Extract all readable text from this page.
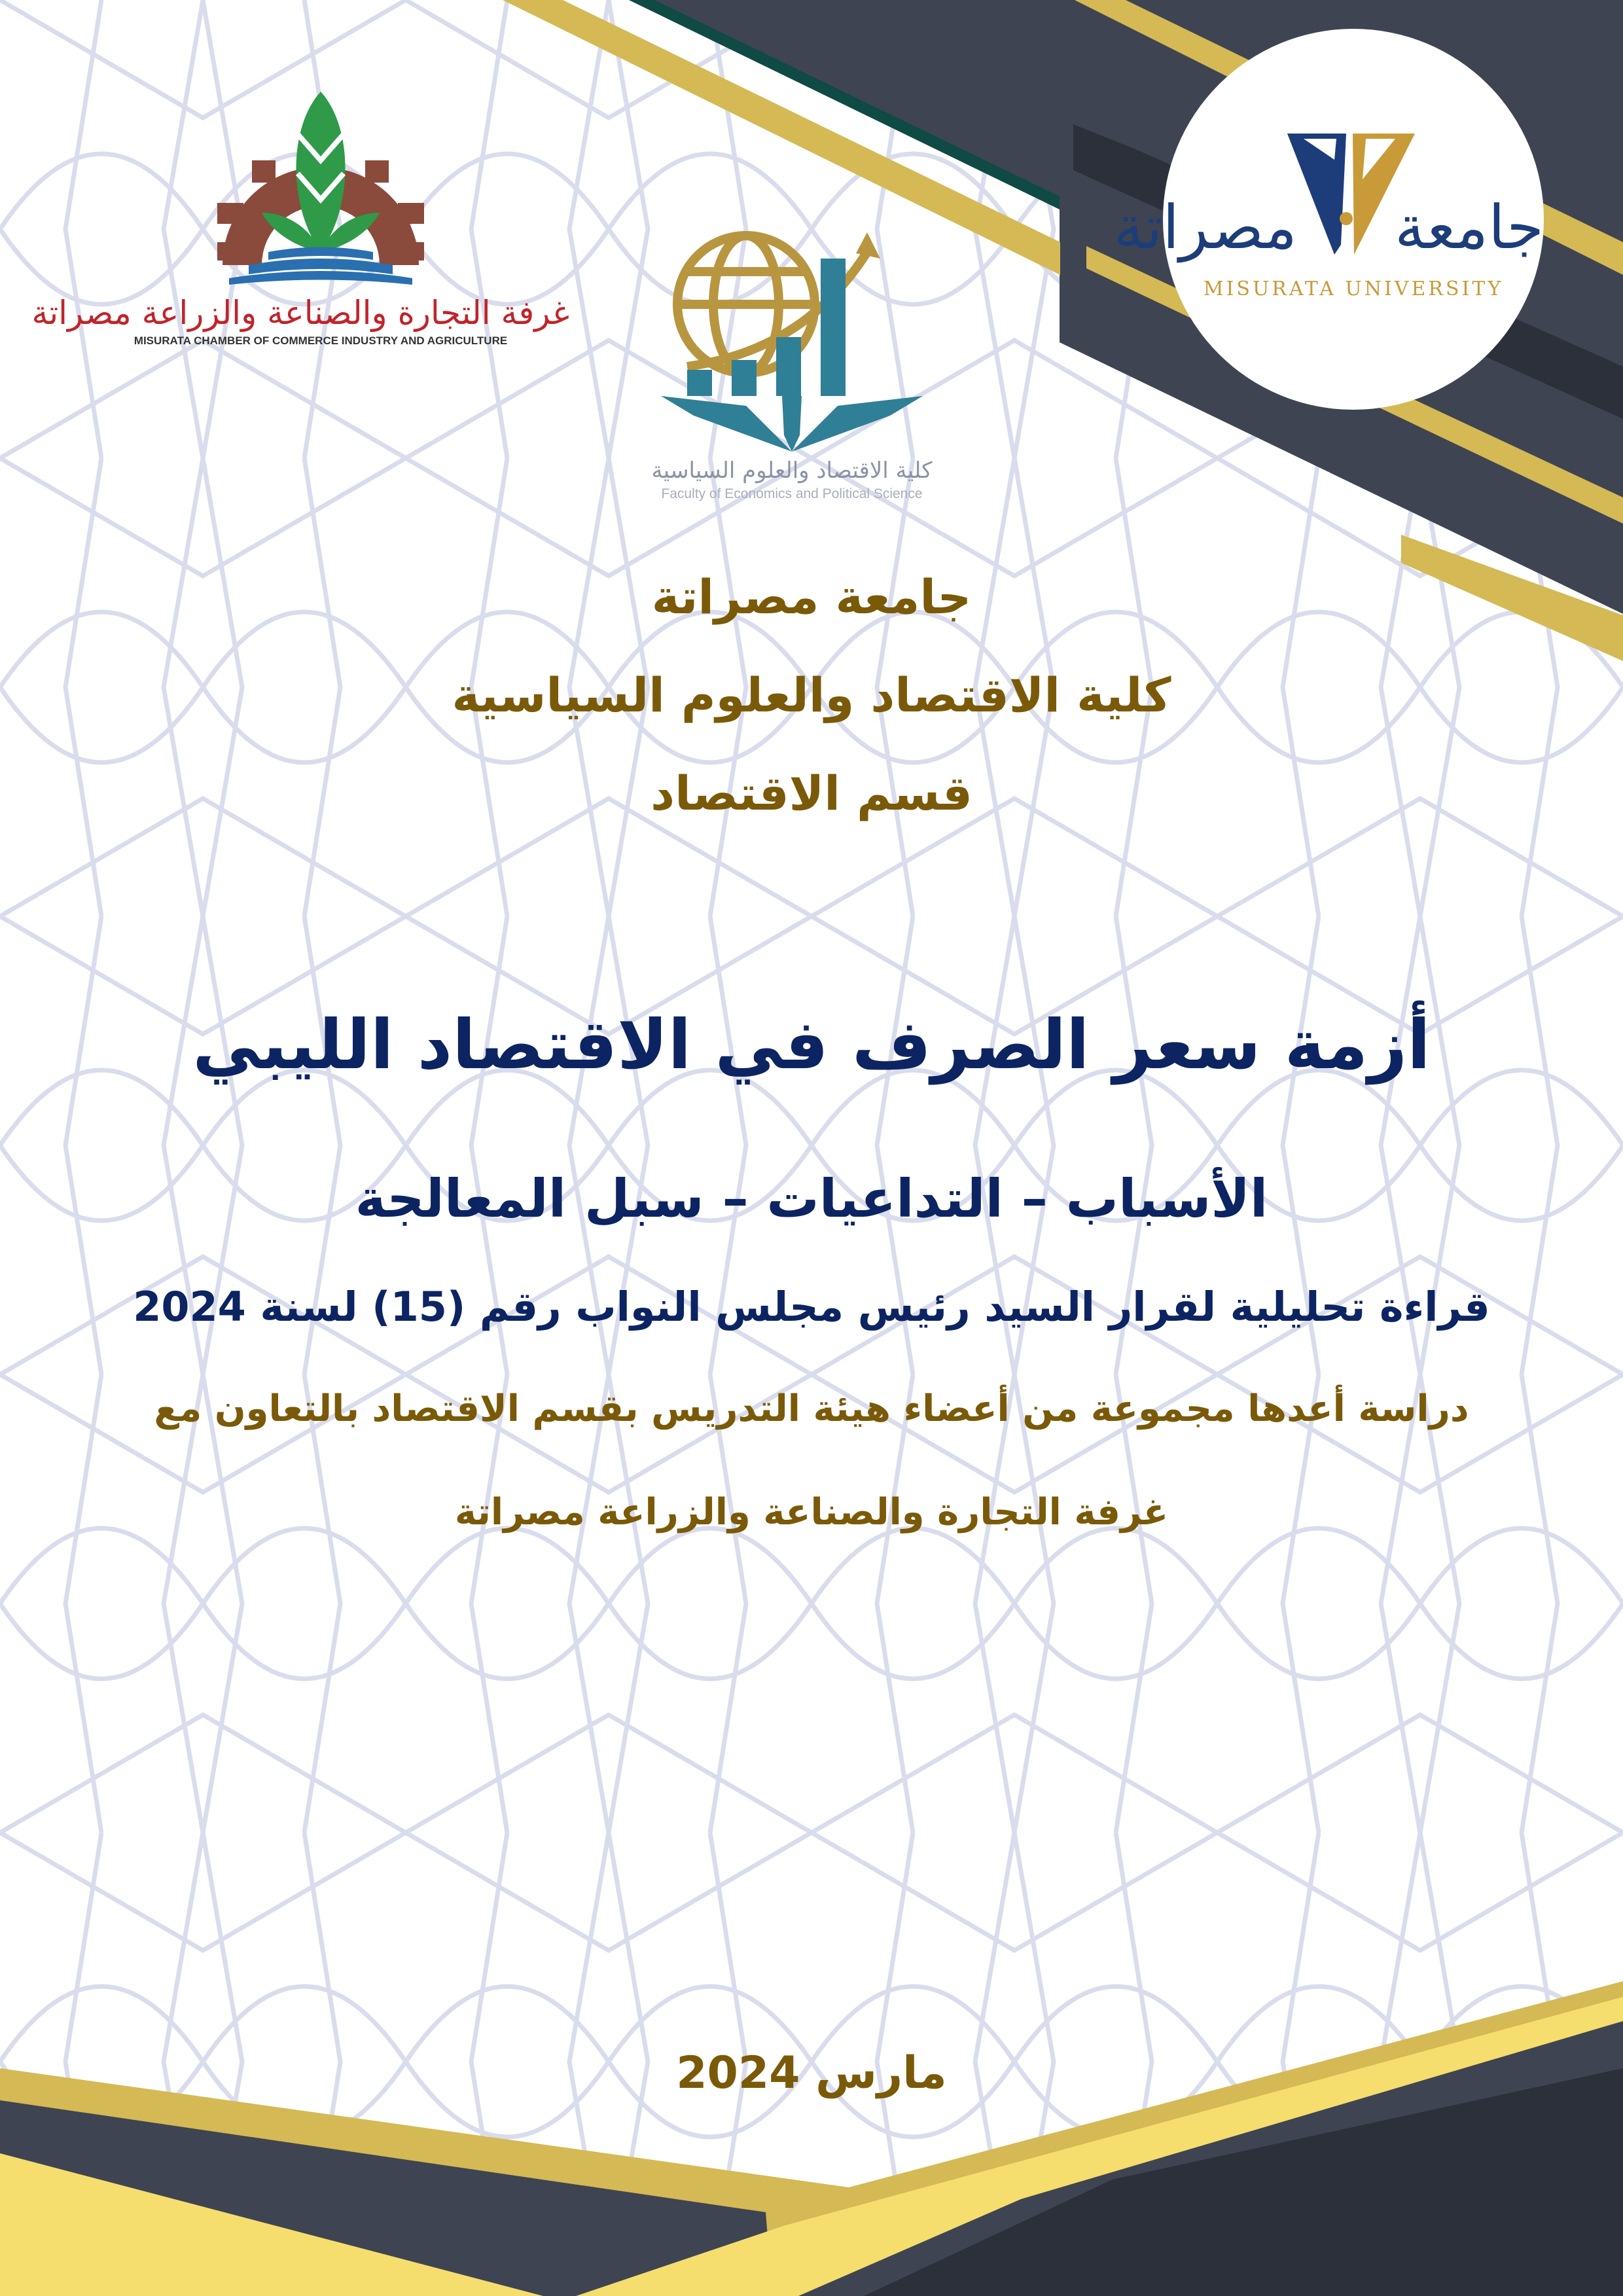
غرفة التجارة والصناعة والزراعة مصراتة
MISURATA CHAMBER OF COMMERCE INDUSTRY AND AGRICULTURE
كلية الاقتصاد والعلوم السياسية
Faculty of Economics and Political Science
جامعة مصراتة
MISURATA UNIVERSITY
جامعة مصراتة
كلية الاقتصاد والعلوم السياسية
قسم الاقتصاد
أزمة سعر الصرف في الاقتصاد الليبي
الأسباب – التداعيات – سبل المعالجة
قراءة تحليلية لقرار السيد رئيس مجلس النواب رقم (15) لسنة 2024
دراسة أعدها مجموعة من أعضاء هيئة التدريس بقسم الاقتصاد بالتعاون مع
غرفة التجارة والصناعة والزراعة مصراتة
مارس 2024
